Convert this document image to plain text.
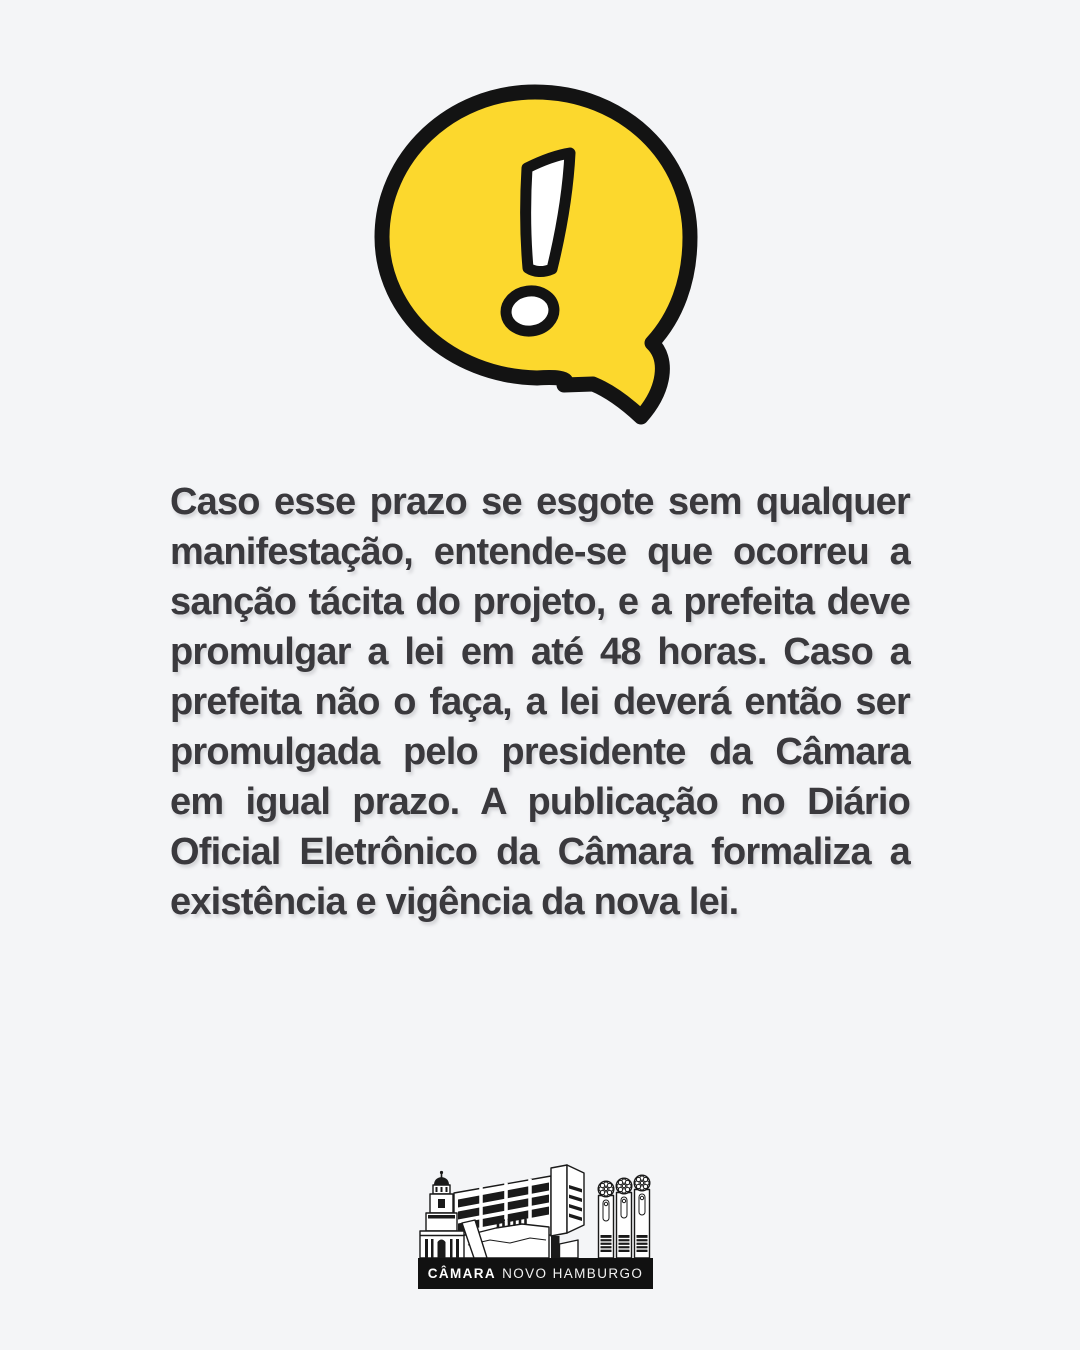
Caso esse prazo se esgote sem qualquer
manifestação, entende-se que ocorreu a
sanção tácita do projeto, e a prefeita deve
promulgar a lei em até 48 horas. Caso a
prefeita não o faça, a lei deverá então ser
promulgada pelo presidente da Câmara
em igual prazo. A publicação no Diário
Oficial Eletrônico da Câmara formaliza a
existência e vigência da nova lei.
CÂMARA NOVO HAMBURGO
